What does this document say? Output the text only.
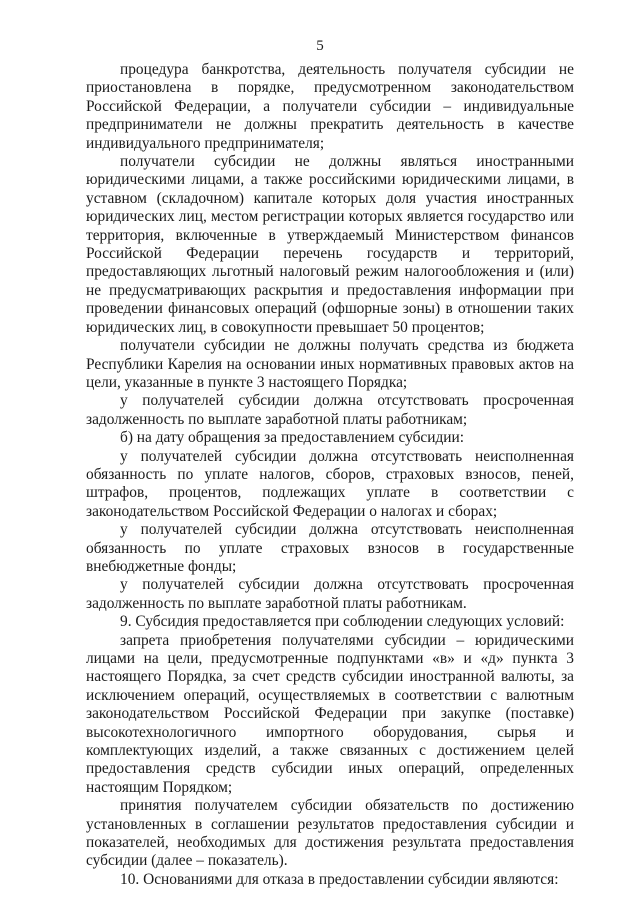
5

процедура банкротства, деятельность получателя субсидии не приостановлена в порядке, предусмотренном законодательством Российской Федерации, а получатели субсидии – индивидуальные предприниматели не должны прекратить деятельность в качестве индивидуального предпринимателя;

получатели субсидии не должны являться иностранными юридическими лицами, а также российскими юридическими лицами, в уставном (складочном) капитале которых доля участия иностранных юридических лиц, местом регистрации которых является государство или территория, включенные в утверждаемый Министерством финансов Российской Федерации перечень государств и территорий, предоставляющих льготный налоговый режим налогообложения и (или) не предусматривающих раскрытия и предоставления информации при проведении финансовых операций (офшорные зоны) в отношении таких юридических лиц, в совокупности превышает 50 процентов;

получатели субсидии не должны получать средства из бюджета Республики Карелия на основании иных нормативных правовых актов на цели, указанные в пункте 3 настоящего Порядка;

у получателей субсидии должна отсутствовать просроченная задолженность по выплате заработной платы работникам;

б) на дату обращения за предоставлением субсидии:

у получателей субсидии должна отсутствовать неисполненная обязанность по уплате налогов, сборов, страховых взносов, пеней, штрафов, процентов, подлежащих уплате в соответствии с законодательством Российской Федерации о налогах и сборах;

у получателей субсидии должна отсутствовать неисполненная обязанность по уплате страховых взносов в государственные внебюджетные фонды;

у получателей субсидии должна отсутствовать просроченная задолженность по выплате заработной платы работникам.

9. Субсидия предоставляется при соблюдении следующих условий:

запрета приобретения получателями субсидии – юридическими лицами на цели, предусмотренные подпунктами «в» и «д» пункта 3 настоящего Порядка, за счет средств субсидии иностранной валюты, за исключением операций, осуществляемых в соответствии с валютным законодательством Российской Федерации при закупке (поставке) высокотехнологичного импортного оборудования, сырья и комплектующих изделий, а также связанных с достижением целей предоставления средств субсидии иных операций, определенных настоящим Порядком;

принятия получателем субсидии обязательств по достижению установленных в соглашении результатов предоставления субсидии и показателей, необходимых для достижения результата предоставления субсидии (далее – показатель).

10. Основаниями для отказа в предоставлении субсидии являются:
